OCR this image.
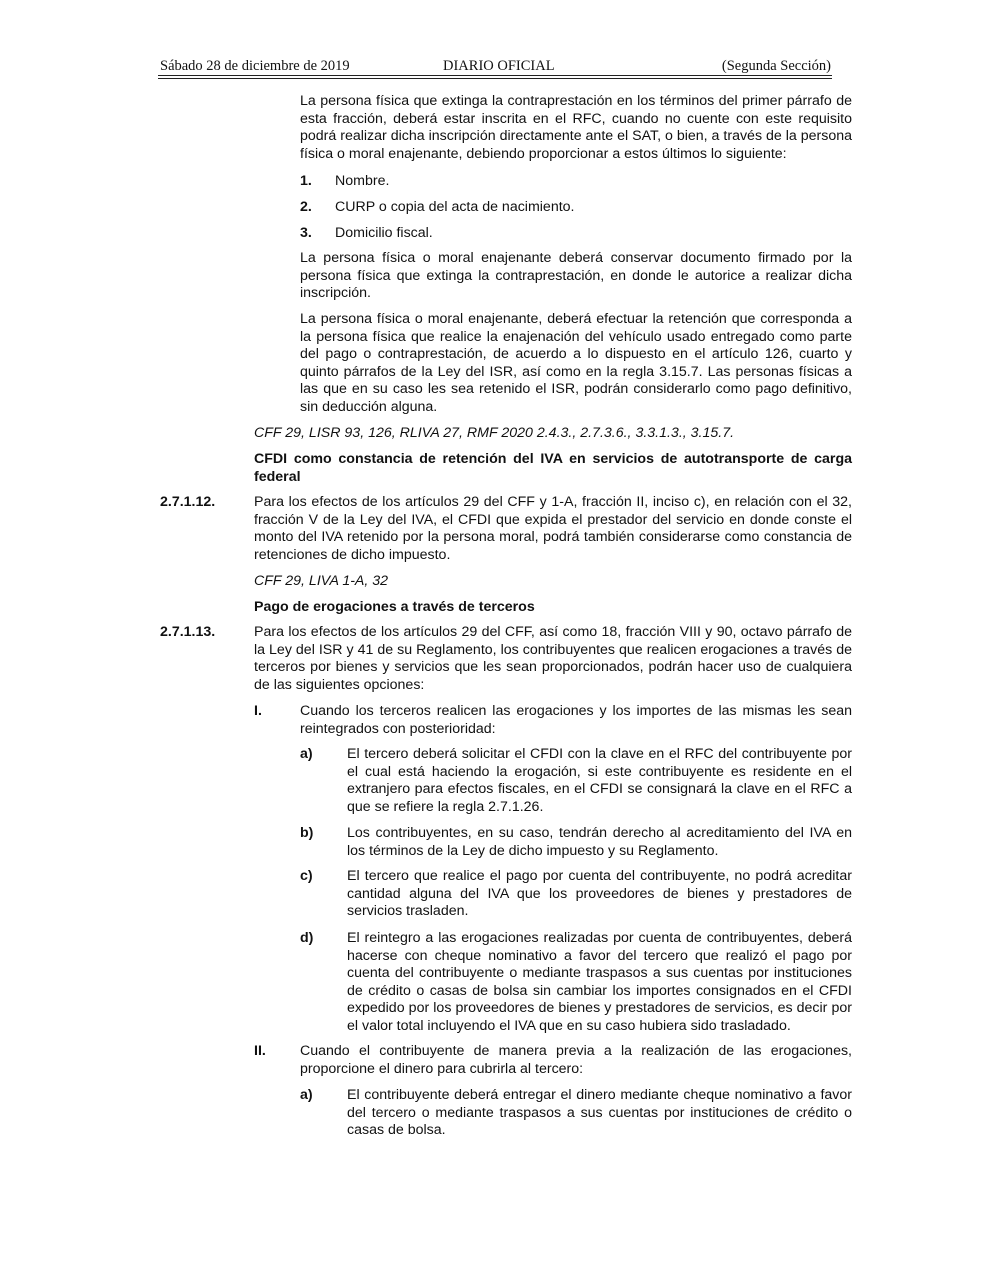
Sábado 28 de diciembre de 2019	DIARIO OFICIAL	(Segunda Sección)

La persona física que extinga la contraprestación en los términos del primer párrafo de esta fracción, deberá estar inscrita en el RFC, cuando no cuente con este requisito podrá realizar dicha inscripción directamente ante el SAT, o bien, a través de la persona física o moral enajenante, debiendo proporcionar a estos últimos lo siguiente:

1. Nombre.
2. CURP o copia del acta de nacimiento.
3. Domicilio fiscal.

La persona física o moral enajenante deberá conservar documento firmado por la persona física que extinga la contraprestación, en donde le autorice a realizar dicha inscripción.

La persona física o moral enajenante, deberá efectuar la retención que corresponda a la persona física que realice la enajenación del vehículo usado entregado como parte del pago o contraprestación, de acuerdo a lo dispuesto en el artículo 126, cuarto y quinto párrafos de la Ley del ISR, así como en la regla 3.15.7. Las personas físicas a las que en su caso les sea retenido el ISR, podrán considerarlo como pago definitivo, sin deducción alguna.

CFF 29, LISR 93, 126, RLIVA 27, RMF 2020 2.4.3., 2.7.3.6., 3.3.1.3., 3.15.7.

CFDI como constancia de retención del IVA en servicios de autotransporte de carga federal

2.7.1.12.	Para los efectos de los artículos 29 del CFF y 1-A, fracción II, inciso c), en relación con el 32, fracción V de la Ley del IVA, el CFDI que expida el prestador del servicio en donde conste el monto del IVA retenido por la persona moral, podrá también considerarse como constancia de retenciones de dicho impuesto.

CFF 29, LIVA 1-A, 32

Pago de erogaciones a través de terceros

2.7.1.13.	Para los efectos de los artículos 29 del CFF, así como 18, fracción VIII y 90, octavo párrafo de la Ley del ISR y 41 de su Reglamento, los contribuyentes que realicen erogaciones a través de terceros por bienes y servicios que les sean proporcionados, podrán hacer uso de cualquiera de las siguientes opciones:

I.	Cuando los terceros realicen las erogaciones y los importes de las mismas les sean reintegrados con posterioridad:

a) El tercero deberá solicitar el CFDI con la clave en el RFC del contribuyente por el cual está haciendo la erogación, si este contribuyente es residente en el extranjero para efectos fiscales, en el CFDI se consignará la clave en el RFC a que se refiere la regla 2.7.1.26.

b) Los contribuyentes, en su caso, tendrán derecho al acreditamiento del IVA en los términos de la Ley de dicho impuesto y su Reglamento.

c) El tercero que realice el pago por cuenta del contribuyente, no podrá acreditar cantidad alguna del IVA que los proveedores de bienes y prestadores de servicios trasladen.

d) El reintegro a las erogaciones realizadas por cuenta de contribuyentes, deberá hacerse con cheque nominativo a favor del tercero que realizó el pago por cuenta del contribuyente o mediante traspasos a sus cuentas por instituciones de crédito o casas de bolsa sin cambiar los importes consignados en el CFDI expedido por los proveedores de bienes y prestadores de servicios, es decir por el valor total incluyendo el IVA que en su caso hubiera sido trasladado.

II. Cuando el contribuyente de manera previa a la realización de las erogaciones, proporcione el dinero para cubrirla al tercero:

a) El contribuyente deberá entregar el dinero mediante cheque nominativo a favor del tercero o mediante traspasos a sus cuentas por instituciones de crédito o casas de bolsa.
